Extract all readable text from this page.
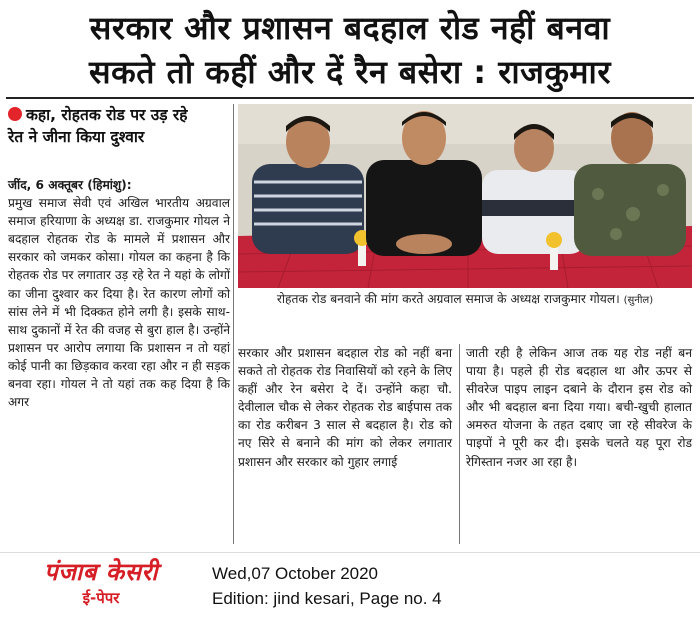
सरकार और प्रशासन बदहाल रोड नहीं बनवा
सकते तो कहीं और दें रैन बसेरा : राजकुमार
कहा, रोहतक रोड पर उड़ रहे
रेत ने जीना किया दुश्वार

जींद, 6 अक्तूबर (हिमांशु):

प्रमुख समाज सेवी एवं अखिल भारतीय अग्रवाल समाज हरियाणा के अध्यक्ष डा. राजकुमार गोयल ने बदहाल रोहतक रोड के मामले में प्रशासन और सरकार को जमकर कोसा। गोयल का कहना है कि रोहतक रोड पर लगातार उड़ रहे रेत ने यहां के लोगों का जीना दुश्वार कर दिया है। रेत कारण लोगों को सांस लेने में भी दिक्कत होने लगी है। इसके साथ-साथ दुकानों में रेत की वजह से बुरा हाल है। उन्होंने प्रशासन पर आरोप लगाया कि प्रशासन न तो यहां कोई पानी का छिड़काव करवा रहा और न ही सड़क बनवा रहा। गोयल ने तो यहां तक कह दिया है कि अगर

रोहतक रोड बनवाने की मांग करते अग्रवाल समाज के अध्यक्ष राजकुमार गोयल। (सुनील)

सरकार और प्रशासन बदहाल रोड को नहीं बना सकते तो रोहतक रोड निवासियों को रहने के लिए कहीं और रेन बसेरा दे दें। उन्होंने कहा चौ. देवीलाल चौक से लेकर रोहतक रोड बाईपास तक का रोड करीबन 3 साल से बदहाल है। रोड को नए सिरे से बनाने की मांग को लेकर लगातार प्रशासन और सरकार को गुहार लगाई

जाती रही है लेकिन आज तक यह रोड नहीं बन पाया है। पहले ही रोड बदहाल था और ऊपर से सीवरेज पाइप लाइन दबाने के दौरान इस रोड को और भी बदहाल बना दिया गया। बची-खुची हालात अमरुत योजना के तहत दबाए जा रहे सीवरेज के पाइपों ने पूरी कर दी। इसके चलते यह पूरा रोड रेगिस्तान नजर आ रहा है।

पंजाब केसरी
ई-पेपर
Wed,07 October 2020
Edition: jind kesari, Page no. 4
